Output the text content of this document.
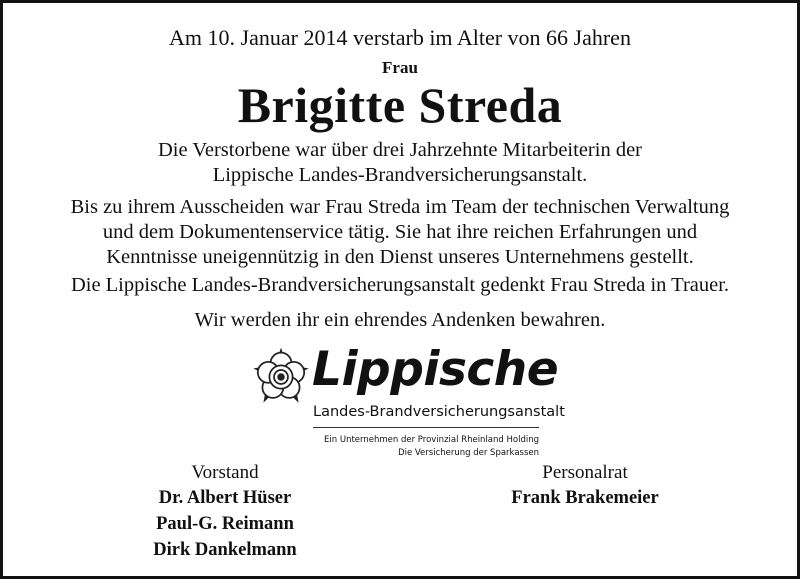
Am 10. Januar 2014 verstarb im Alter von 66 Jahren
Frau
Brigitte Streda
Die Verstorbene war über drei Jahrzehnte Mitarbeiterin der
Lippische Landes-Brandversicherungsanstalt.
Bis zu ihrem Ausscheiden war Frau Streda im Team der technischen Verwaltung
und dem Dokumentenservice tätig. Sie hat ihre reichen Erfahrungen und
Kenntnisse uneigennützig in den Dienst unseres Unternehmens gestellt.
Die Lippische Landes-Brandversicherungsanstalt gedenkt Frau Streda in Trauer.
Wir werden ihr ein ehrendes Andenken bewahren.
Lippische
Landes-Brandversicherungsanstalt
Ein Unternehmen der Provinzial Rheinland Holding
Die Versicherung der Sparkassen
Vorstand
Dr. Albert Hüser
Paul-G. Reimann
Dirk Dankelmann
Personalrat
Frank Brakemeier
